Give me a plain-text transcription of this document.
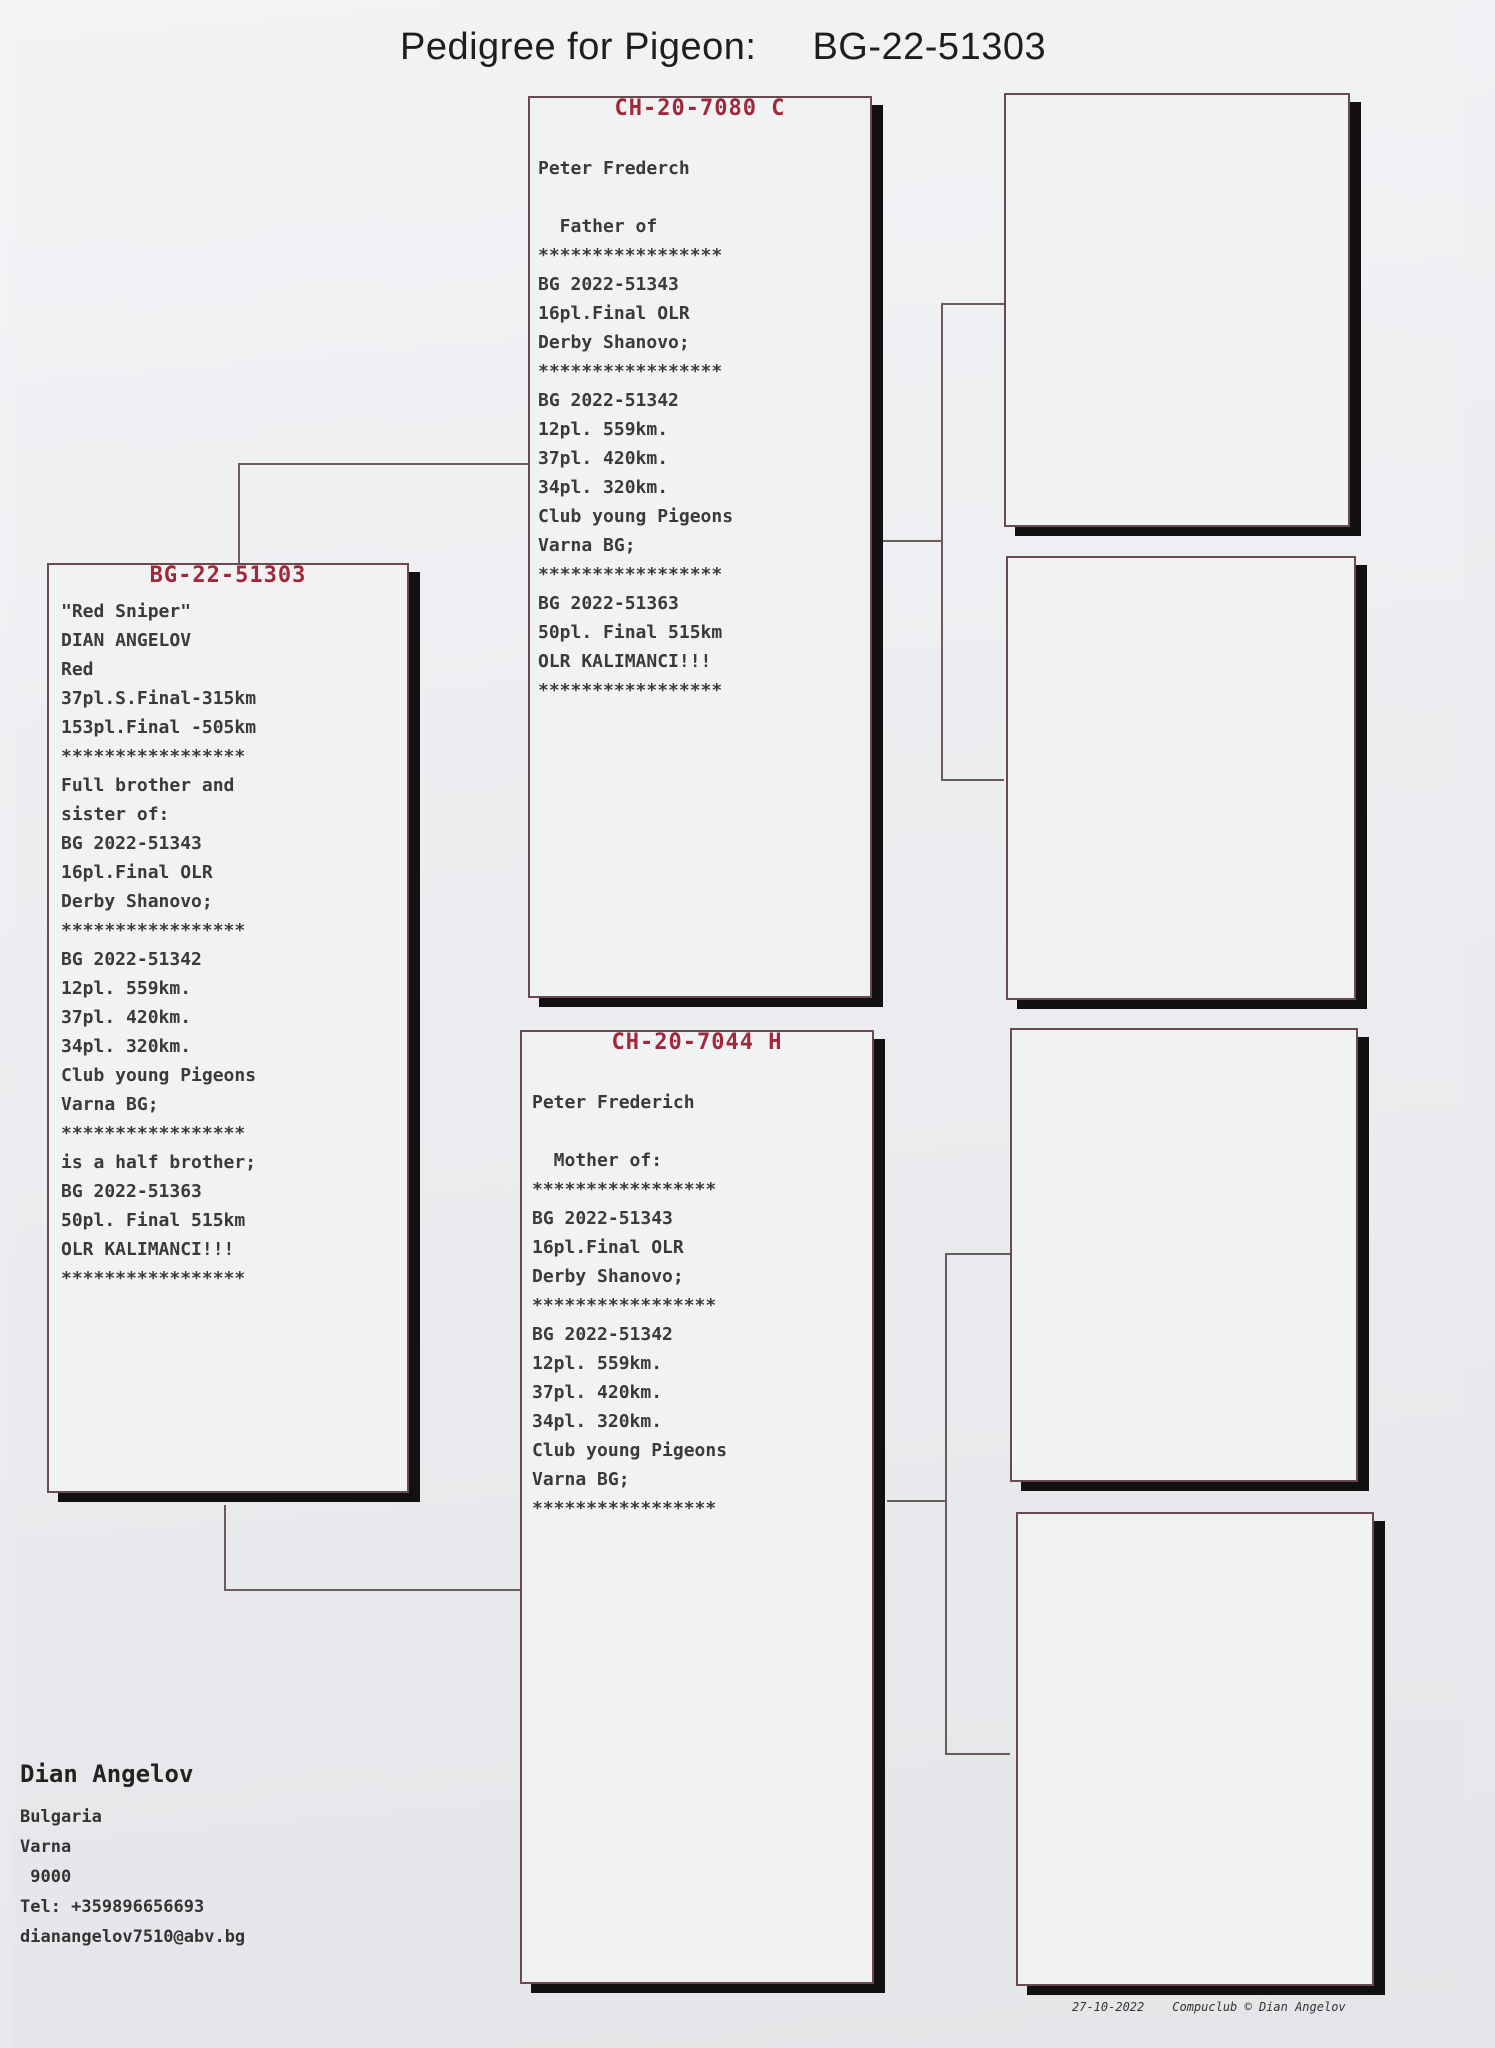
Pedigree for Pigeon: BG-22-51303
BG-22-51303
"Red Sniper"
DIAN ANGELOV
Red
37pl.S.Final-315km
153pl.Final -505km
*****************
Full brother and
sister of:
BG 2022-51343
16pl.Final OLR
Derby Shanovo;
*****************
BG 2022-51342
12pl. 559km.
37pl. 420km.
34pl. 320km.
Club young Pigeons
Varna BG;
*****************
is a half brother;
BG 2022-51363
50pl. Final 515km
OLR KALIMANCI!!!
*****************

CH-20-7080 C
Peter Frederch

Father of
*****************
BG 2022-51343
16pl.Final OLR
Derby Shanovo;
*****************
BG 2022-51342
12pl. 559km.
37pl. 420km.
34pl. 320km.
Club young Pigeons
Varna BG;
*****************
BG 2022-51363
50pl. Final 515km
OLR KALIMANCI!!!
*****************

CH-20-7044 H
Peter Frederich

Mother of:
*****************
BG 2022-51343
16pl.Final OLR
Derby Shanovo;
*****************
BG 2022-51342
12pl. 559km.
37pl. 420km.
34pl. 320km.
Club young Pigeons
Varna BG;
*****************

Dian Angelov
Bulgaria
Varna
9000
Tel: +359896656693
dianangelov7510@abv.bg

27-10-2022 Compuclub © Dian Angelov
